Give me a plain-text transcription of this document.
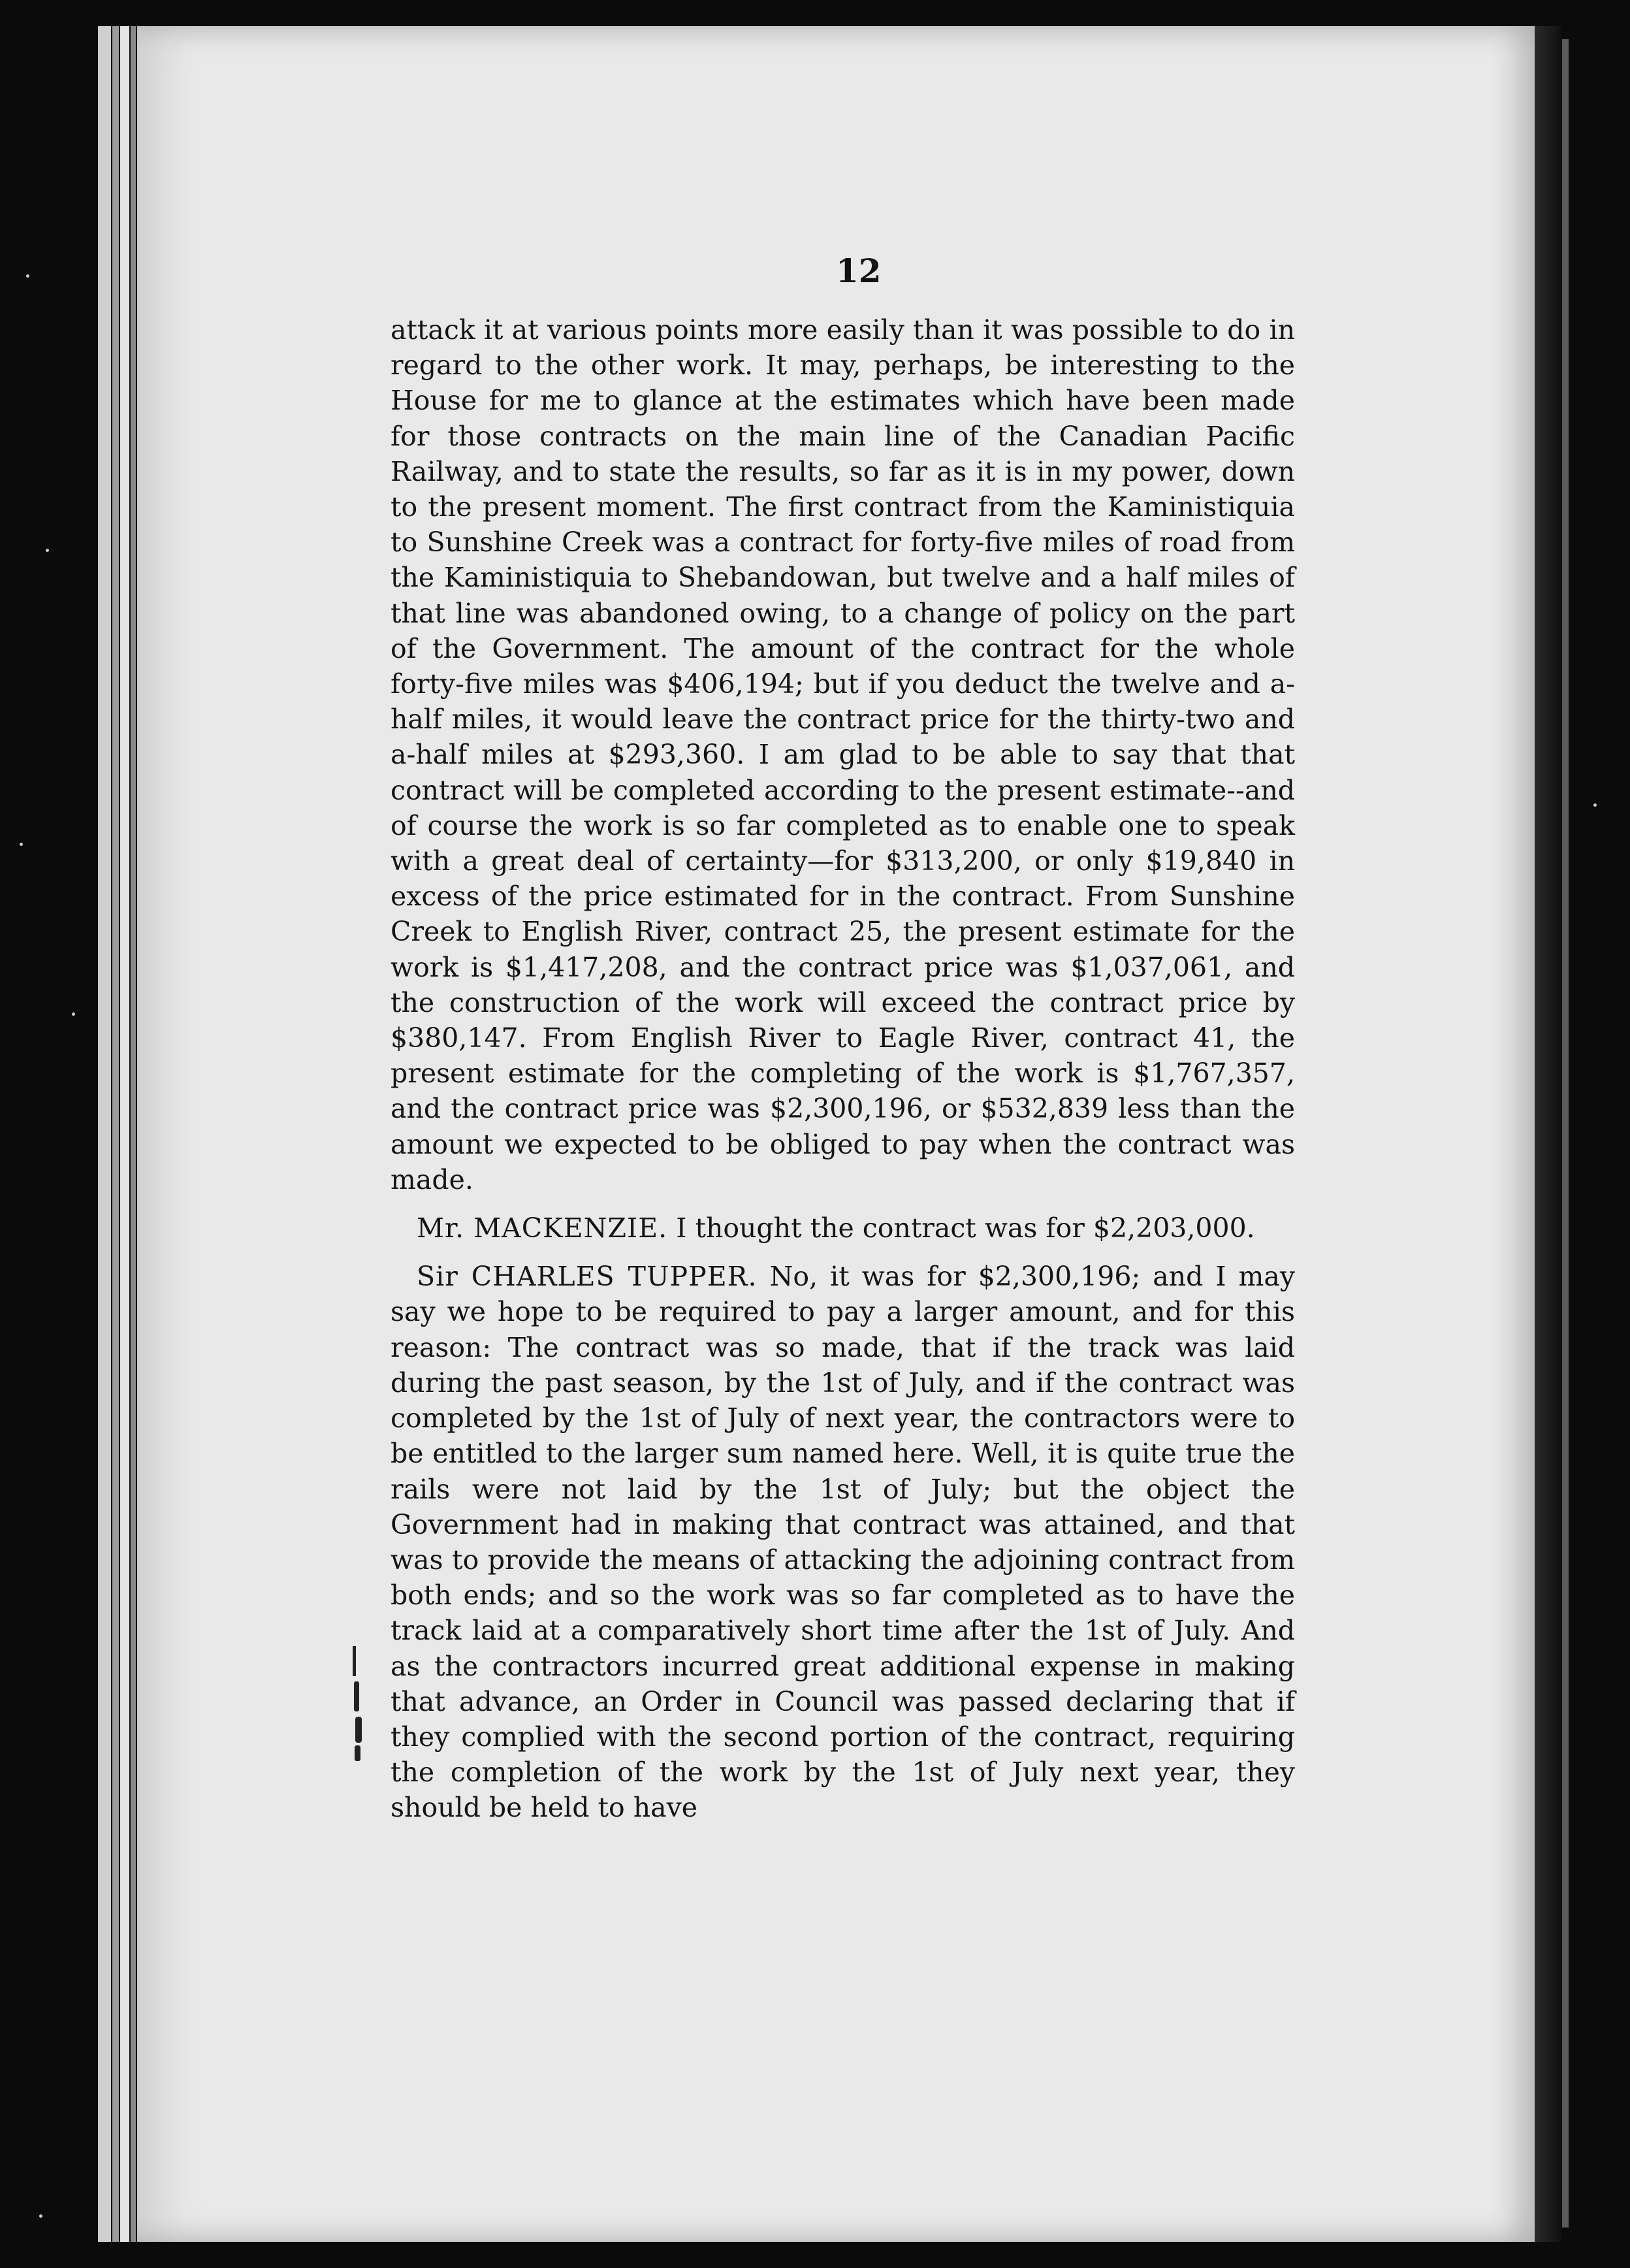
12

attack it at various points more easily than it was possible to do in regard to the other work. It may, perhaps, be interesting to the House for me to glance at the estimates which have been made for those contracts on the main line of the Canadian Pacific Railway, and to state the results, so far as it is in my power, down to the present moment. The first contract from the Kaministiquia to Sunshine Creek was a contract for forty-five miles of road from the Kaministiquia to Shebandowan, but twelve and a half miles of that line was abandoned owing, to a change of policy on the part of the Government. The amount of the contract for the whole forty-five miles was $406,194; but if you deduct the twelve and a-half miles, it would leave the contract price for the thirty-two and a-half miles at $293,360. I am glad to be able to say that that contract will be completed according to the present estimate--and of course the work is so far completed as to enable one to speak with a great deal of certainty—for $313,200, or only $19,840 in excess of the price estimated for in the contract. From Sunshine Creek to English River, contract 25, the present estimate for the work is $1,417,208, and the contract price was $1,037,061, and the construction of the work will exceed the contract price by $380,147. From English River to Eagle River, contract 41, the present estimate for the completing of the work is $1,767,357, and the contract price was $2,300,196, or $532,839 less than the amount we expected to be obliged to pay when the contract was made.

Mr. MACKENZIE. I thought the contract was for $2,203,000.

Sir CHARLES TUPPER. No, it was for $2,300,196; and I may say we hope to be required to pay a larger amount, and for this reason: The contract was so made, that if the track was laid during the past season, by the 1st of July, and if the contract was completed by the 1st of July of next year, the contractors were to be entitled to the larger sum named here. Well, it is quite true the rails were not laid by the 1st of July; but the object the Government had in making that contract was attained, and that was to provide the means of attacking the adjoining contract from both ends; and so the work was so far completed as to have the track laid at a comparatively short time after the 1st of July. And as the contractors incurred great additional expense in making that advance, an Order in Council was passed declaring that if they complied with the second portion of the contract, requiring the completion of the work by the 1st of July next year, they should be held to have
